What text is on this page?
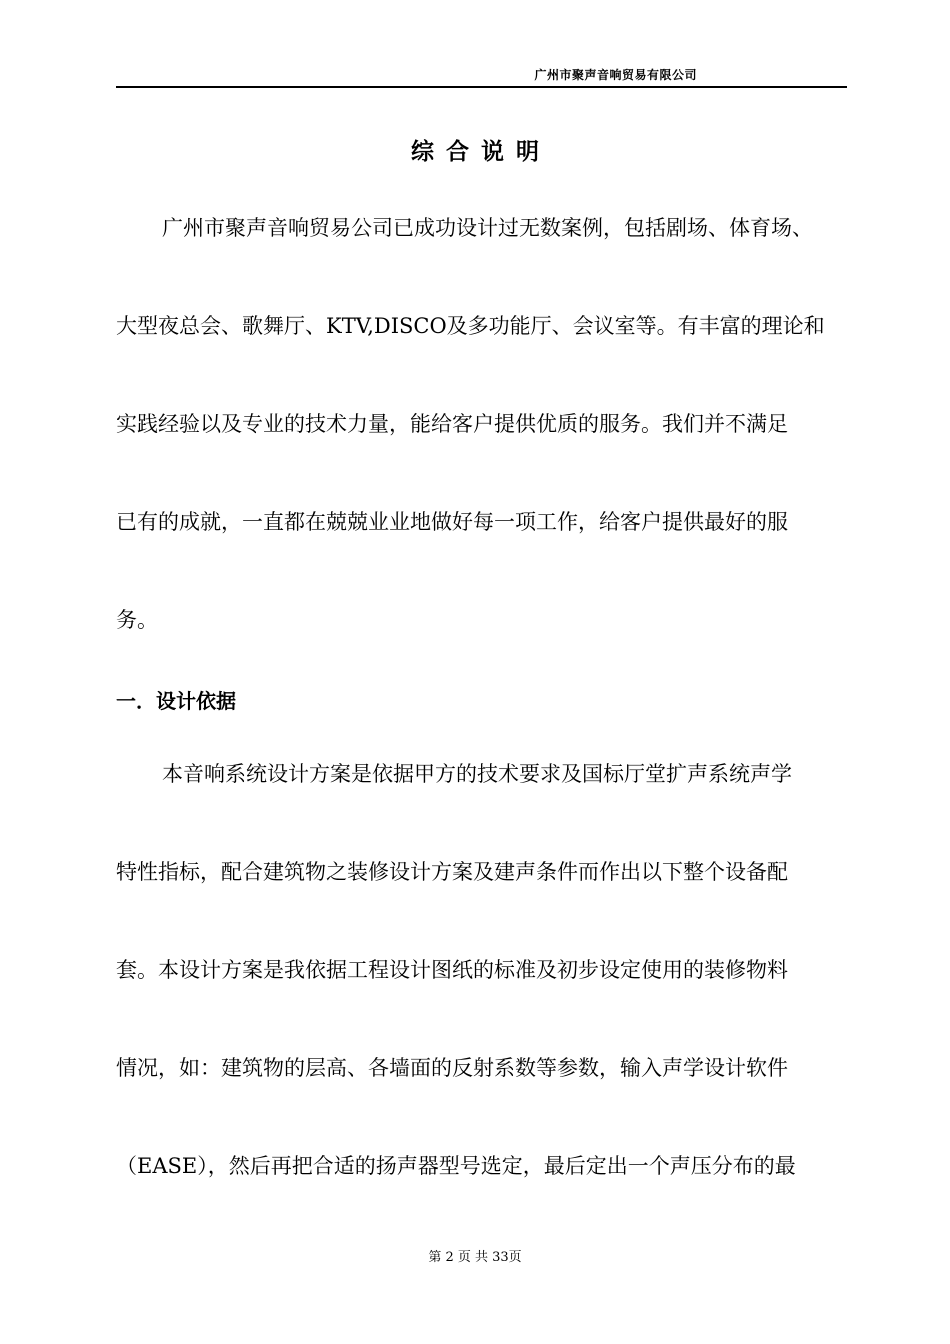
广州市聚声音响贸易有限公司
综合说明
广州市聚声音响贸易公司已成功设计过无数案例，包括剧场、体育场、
大型夜总会、歌舞厅、KTV,DISCO及多功能厅、会议室等。有丰富的理论和
实践经验以及专业的技术力量，能给客户提供优质的服务。我们并不满足
已有的成就，一直都在兢兢业业地做好每一项工作，给客户提供最好的服
务。
一．设计依据
本音响系统设计方案是依据甲方的技术要求及国标厅堂扩声系统声学
特性指标，配合建筑物之装修设计方案及建声条件而作出以下整个设备配
套。本设计方案是我依据工程设计图纸的标准及初步设定使用的装修物料
情况，如：建筑物的层高、各墙面的反射系数等参数，输入声学设计软件
（EASE），然后再把合适的扬声器型号选定，最后定出一个声压分布的最
第 2 页 共 33页
